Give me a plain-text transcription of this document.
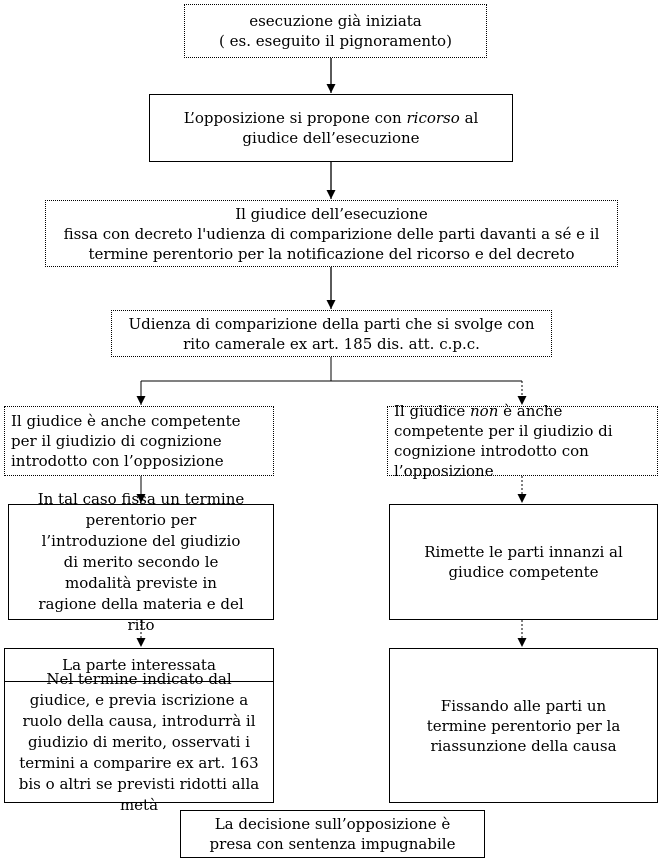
esecuzione già iniziata
( es. eseguito il pignoramento)
L’opposizione si propone con ricorso al giudice dell’esecuzione
Il giudice dell’esecuzione
fissa con decreto l'udienza di comparizione delle parti davanti a sé e il termine perentorio per la notificazione del ricorso e del decreto
Udienza di comparizione della parti che si svolge con rito camerale ex art. 185 dis. att. c.p.c.
Il giudice è anche competente per il giudizio di cognizione introdotto con l’opposizione
Il giudice non è anche competente per il giudizio di cognizione introdotto con l’opposizione
In tal caso fissa un termine perentorio per l’introduzione del giudizio di merito secondo le modalità previste in ragione della materia e del rito
Rimette le parti innanzi al giudice competente
La parte interessata
Nel termine indicato dal giudice, e previa iscrizione a ruolo della causa, introdurrà il giudizio di merito, osservati i termini a comparire ex art. 163 bis o altri se previsti ridotti alla metà
Fissando alle parti un termine perentorio per la riassunzione della causa
La decisione sull’opposizione è presa con sentenza impugnabile
